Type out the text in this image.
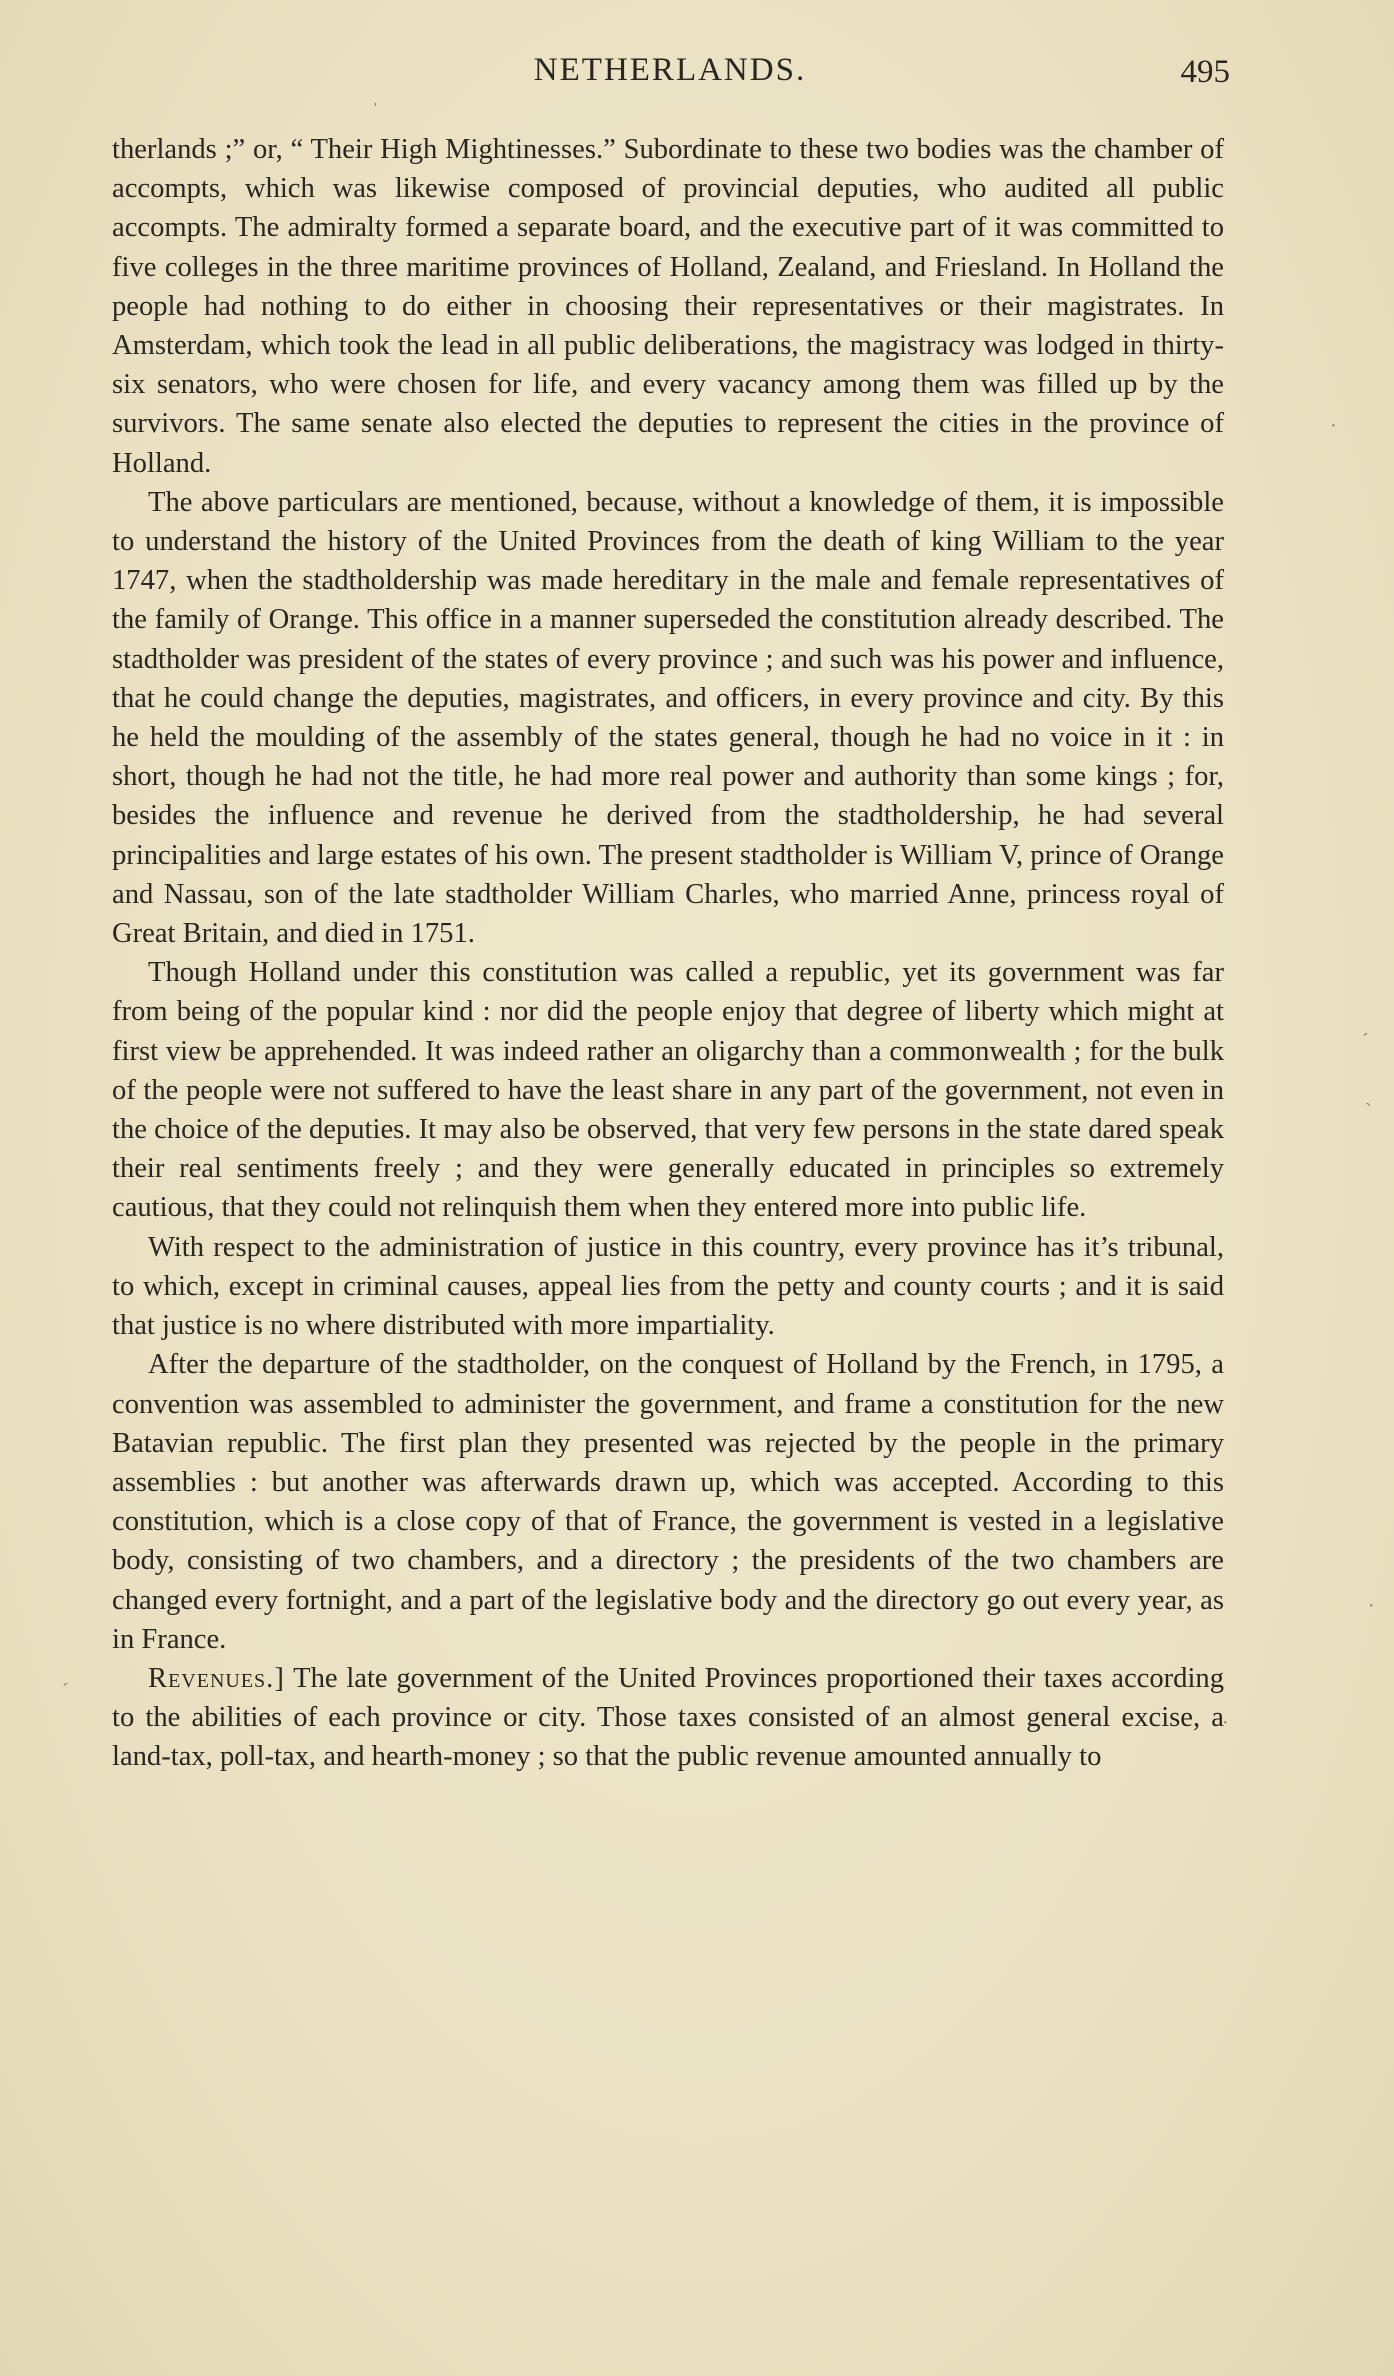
NETHERLANDS.	495

therlands ;” or, “ Their High Mightinesses.” Subordinate to these two bodies was the chamber of accompts, which was likewise composed of provincial deputies, who audited all public accompts. The admiralty formed a separate board, and the executive part of it was committed to five colleges in the three maritime provinces of Holland, Zealand, and Friesland. In Holland the people had nothing to do either in choosing their representatives or their magistrates. In Amsterdam, which took the lead in all public deliberations, the magistracy was lodged in thirty-six senators, who were chosen for life, and every vacancy among them was filled up by the survivors. The same senate also elected the deputies to represent the cities in the province of Holland.

The above particulars are mentioned, because, without a knowledge of them, it is impossible to understand the history of the United Provinces from the death of king William to the year 1747, when the stadtholdership was made hereditary in the male and female representatives of the family of Orange. This office in a manner superseded the constitution already described. The stadtholder was president of the states of every province ; and such was his power and influence, that he could change the deputies, magistrates, and officers, in every province and city. By this he held the moulding of the assembly of the states general, though he had no voice in it : in short, though he had not the title, he had more real power and authority than some kings ; for, besides the influence and revenue he derived from the stadtholdership, he had several principalities and large estates of his own. The present stadtholder is William V, prince of Orange and Nassau, son of the late stadtholder William Charles, who married Anne, princess royal of Great Britain, and died in 1751.

Though Holland under this constitution was called a republic, yet its government was far from being of the popular kind : nor did the people enjoy that degree of liberty which might at first view be apprehended. It was indeed rather an oligarchy than a commonwealth ; for the bulk of the people were not suffered to have the least share in any part of the government, not even in the choice of the deputies. It may also be observed, that very few persons in the state dared speak their real sentiments freely ; and they were generally educated in principles so extremely cautious, that they could not relinquish them when they entered more into public life.

With respect to the administration of justice in this country, every province has it’s tribunal, to which, except in criminal causes, appeal lies from the petty and county courts ; and it is said that justice is no where distributed with more impartiality.

After the departure of the stadtholder, on the conquest of Holland by the French, in 1795, a convention was assembled to administer the government, and frame a constitution for the new Batavian republic. The first plan they presented was rejected by the people in the primary assemblies : but another was afterwards drawn up, which was accepted. According to this constitution, which is a close copy of that of France, the government is vested in a legislative body, consisting of two chambers, and a directory ; the presidents of the two chambers are changed every fortnight, and a part of the legislative body and the directory go out every year, as in France.

Revenues.] The late government of the United Provinces proportioned their taxes according to the abilities of each province or city. Those taxes consisted of an almost general excise, a land-tax, poll-tax, and hearth-money ; so that the public revenue amounted annually to

ˈ
·
ˊ
ˋ
·
ˊ
·
